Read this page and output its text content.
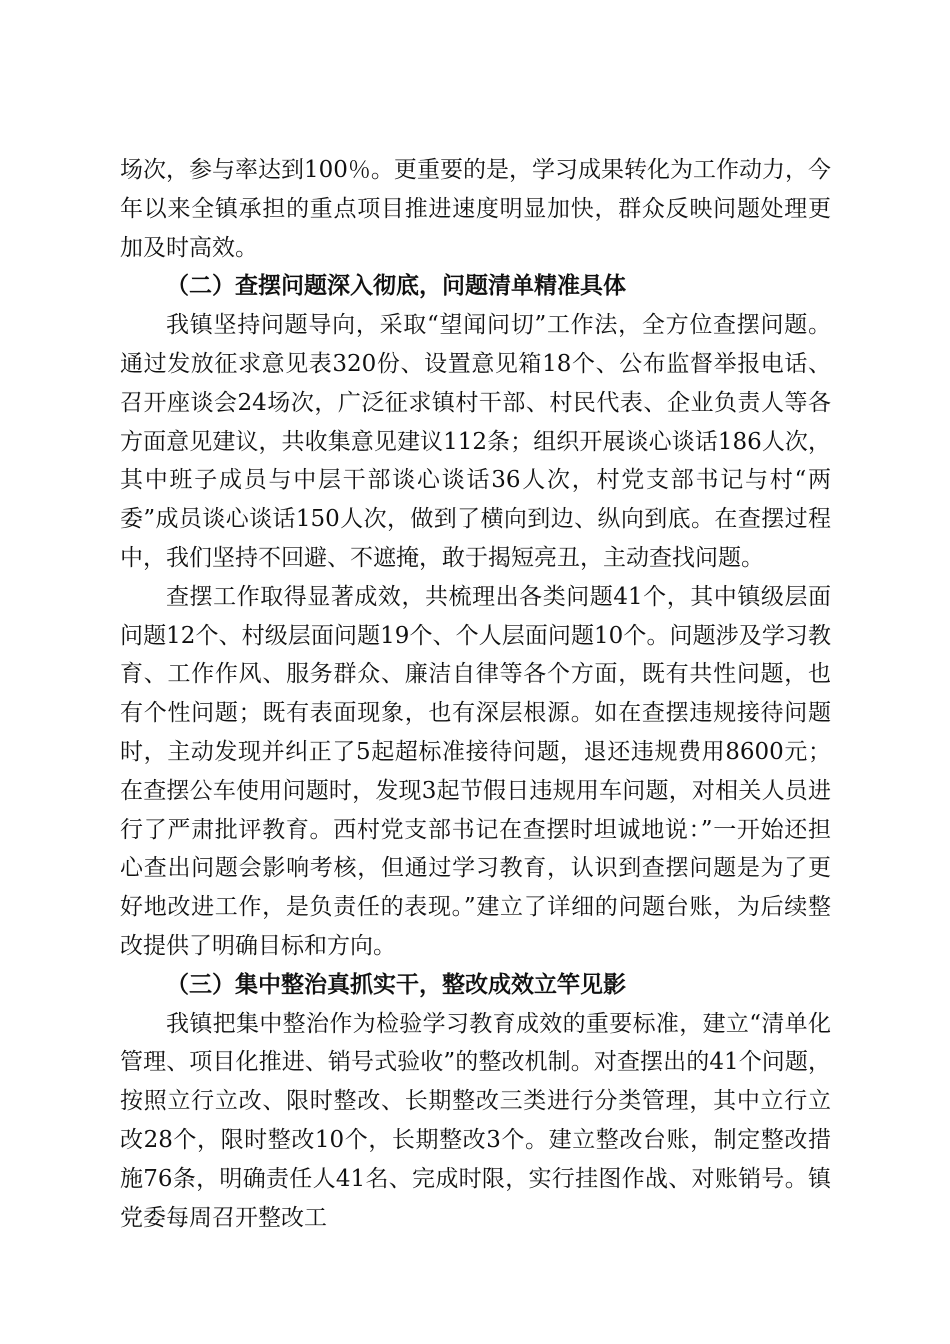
场次，参与率达到100％。更重要的是，学习成果转化为工作动力，今年以来全镇承担的重点项目推进速度明显加快，群众反映问题处理更加及时高效。

（二）查摆问题深入彻底，问题清单精准具体

我镇坚持问题导向，采取“望闻问切”工作法，全方位查摆问题。通过发放征求意见表320份、设置意见箱18个、公布监督举报电话、召开座谈会24场次，广泛征求镇村干部、村民代表、企业负责人等各方面意见建议，共收集意见建议112条；组织开展谈心谈话186人次，其中班子成员与中层干部谈心谈话36人次，村党支部书记与村“两委”成员谈心谈话150人次，做到了横向到边、纵向到底。在查摆过程中，我们坚持不回避、不遮掩，敢于揭短亮丑，主动查找问题。

查摆工作取得显著成效，共梳理出各类问题41个，其中镇级层面问题12个、村级层面问题19个、个人层面问题10个。问题涉及学习教育、工作作风、服务群众、廉洁自律等各个方面，既有共性问题，也有个性问题；既有表面现象，也有深层根源。如在查摆违规接待问题时，主动发现并纠正了5起超标准接待问题，退还违规费用8600元；在查摆公车使用问题时，发现3起节假日违规用车问题，对相关人员进行了严肃批评教育。西村党支部书记在查摆时坦诚地说：”一开始还担心查出问题会影响考核，但通过学习教育，认识到查摆问题是为了更好地改进工作，是负责任的表现。”建立了详细的问题台账，为后续整改提供了明确目标和方向。

（三）集中整治真抓实干，整改成效立竿见影

我镇把集中整治作为检验学习教育成效的重要标准，建立“清单化管理、项目化推进、销号式验收”的整改机制。对查摆出的41个问题，按照立行立改、限时整改、长期整改三类进行分类管理，其中立行立改28个，限时整改10个，长期整改3个。建立整改台账，制定整改措施76条，明确责任人41名、完成时限，实行挂图作战、对账销号。镇党委每周召开整改工
